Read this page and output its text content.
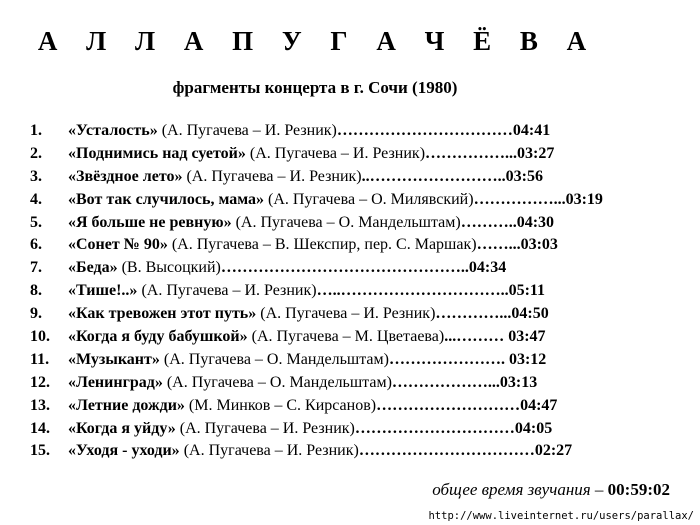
А Л Л А П У Г А Ч Ё В А
фрагменты концерта в г. Сочи (1980)
1. «Усталость» (А. Пугачева – И. Резник)……………………………04:41
2. «Поднимись над суетой» (А. Пугачева – И. Резник)……………...03:27
3. «Звёздное лето» (А. Пугачева – И. Резник)..……………………..03:56
4. «Вот так случилось, мама» (А. Пугачева – О. Милявский)……………...03:19
5. «Я больше не ревную» (А. Пугачева – О. Мандельштам)………..04:30
6. «Сонет № 90» (А. Пугачева – В. Шекспир, пер. С. Маршак)……...03:03
7. «Беда» (В. Высоцкий)………………………………………..04:34
8. «Тише!..» (А. Пугачева – И. Резник)…..…………………………..05:11
9. «Как тревожен этот путь» (А. Пугачева – И. Резник)…………...04:50
10. «Когда я буду бабушкой» (А. Пугачева – М. Цветаева)...……… 03:47
11. «Музыкант» (А. Пугачева – О. Мандельштам)…………………. 03:12
12. «Ленинград» (А. Пугачева – О. Мандельштам)………………...03:13
13. «Летние дожди» (М. Минков – С. Кирсанов)………………………04:47
14. «Когда я уйду» (А. Пугачева – И. Резник)…………………………04:05
15. «Уходя - уходи» (А. Пугачева – И. Резник)……………………………02:27
общее время звучания – 00:59:02
http://www.liveinternet.ru/users/parallax/
